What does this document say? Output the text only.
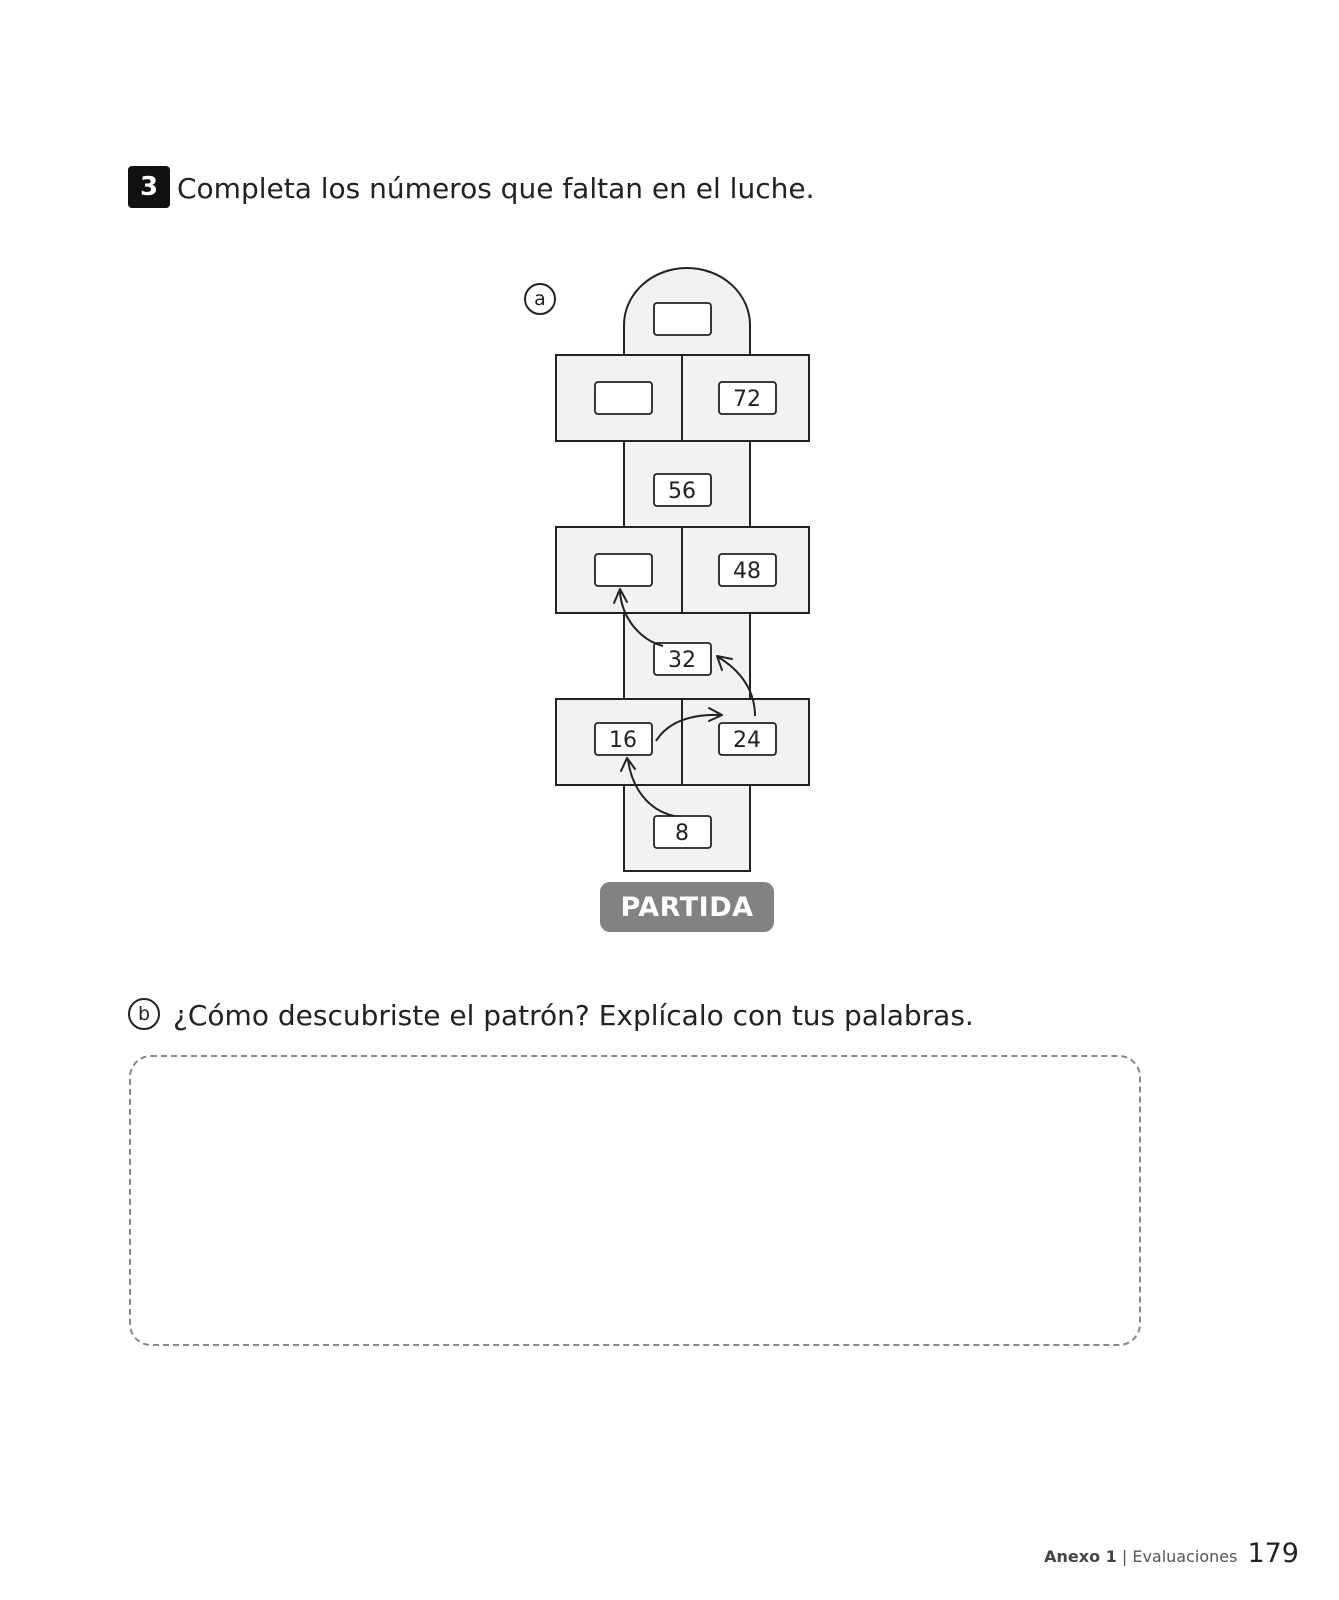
3 Completa los números que faltan en el luche.
a
72
56
48
32
16	24
8
PARTIDA
b ¿Cómo descubriste el patrón? Explícalo con tus palabras.
Anexo 1 | Evaluaciones 179
